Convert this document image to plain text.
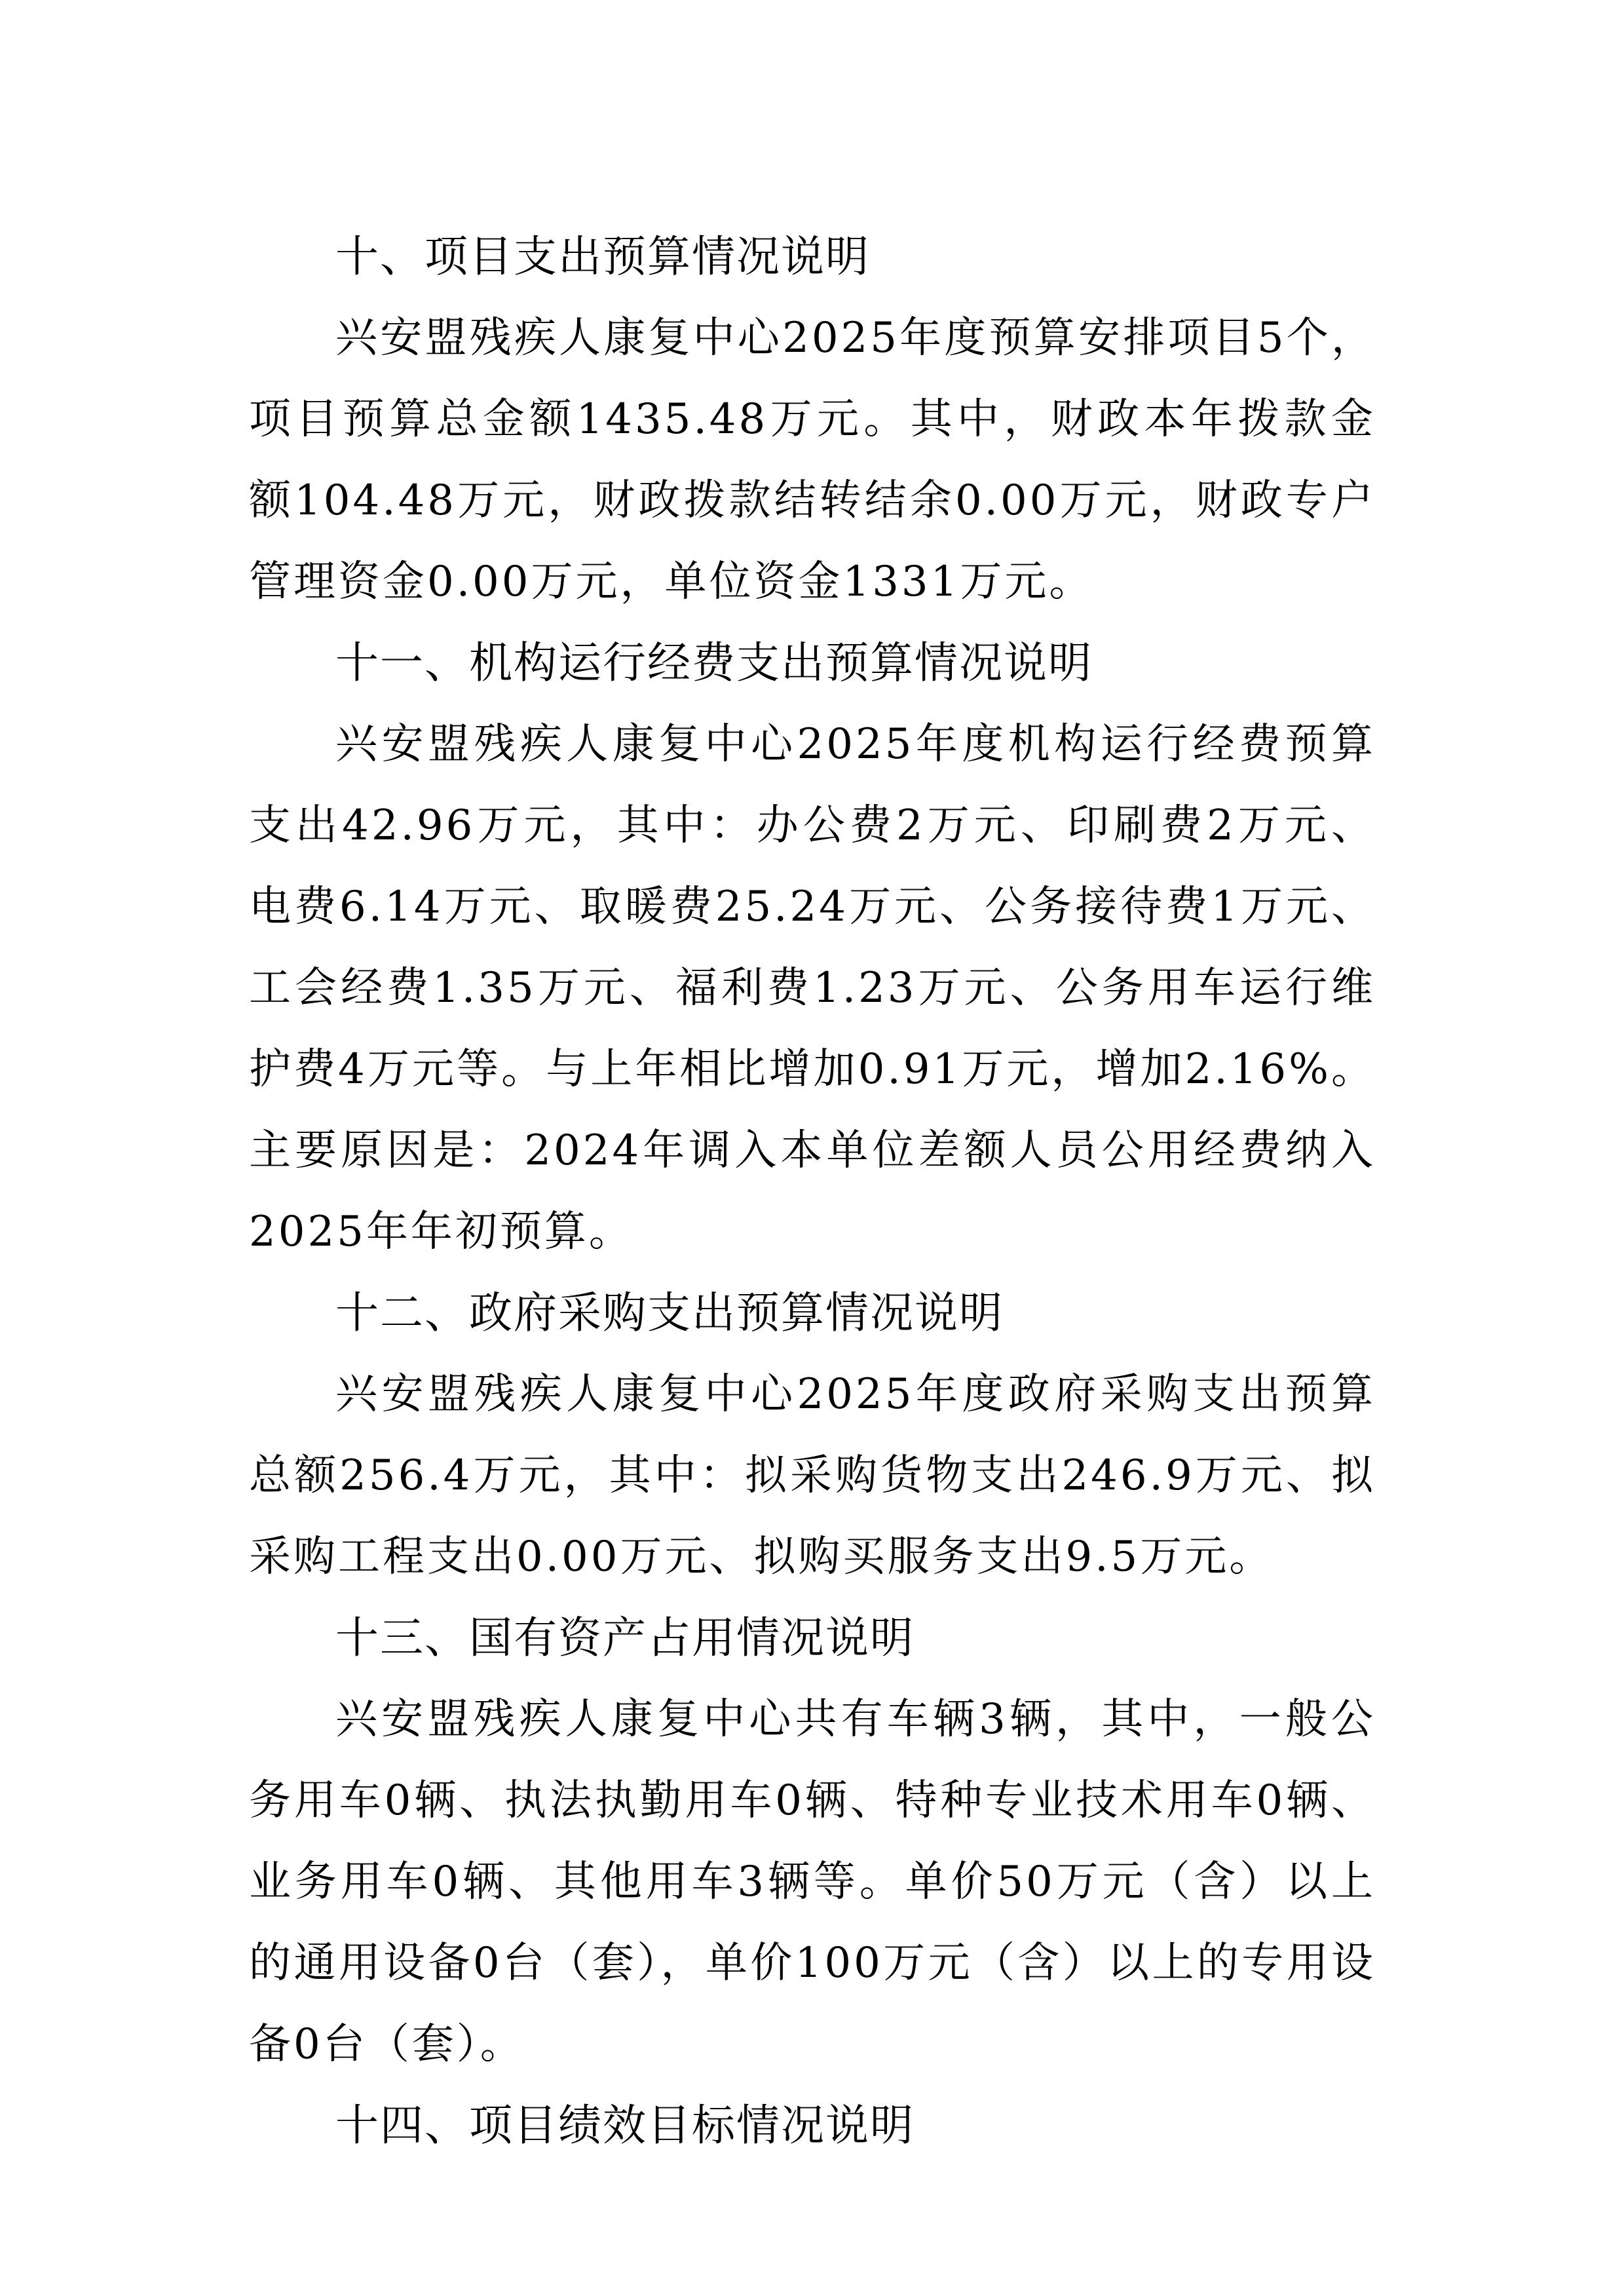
十、项目支出预算情况说明

兴安盟残疾人康复中心2025年度预算安排项目5个，项目预算总金额1435.48万元。其中，财政本年拨款金额104.48万元，财政拨款结转结余0.00万元，财政专户管理资金0.00万元，单位资金1331万元。

十一、机构运行经费支出预算情况说明

兴安盟残疾人康复中心2025年度机构运行经费预算支出42.96万元，其中：办公费2万元、印刷费2万元、电费6.14万元、取暖费25.24万元、公务接待费1万元、工会经费1.35万元、福利费1.23万元、公务用车运行维护费4万元等。与上年相比增加0.91万元，增加2.16%。主要原因是：2024年调入本单位差额人员公用经费纳入2025年年初预算。

十二、政府采购支出预算情况说明

兴安盟残疾人康复中心2025年度政府采购支出预算总额256.4万元，其中：拟采购货物支出246.9万元、拟采购工程支出0.00万元、拟购买服务支出9.5万元。

十三、国有资产占用情况说明

兴安盟残疾人康复中心共有车辆3辆，其中，一般公务用车0辆、执法执勤用车0辆、特种专业技术用车0辆、业务用车0辆、其他用车3辆等。单价50万元（含）以上的通用设备0台（套），单价100万元（含）以上的专用设备0台（套）。

十四、项目绩效目标情况说明
